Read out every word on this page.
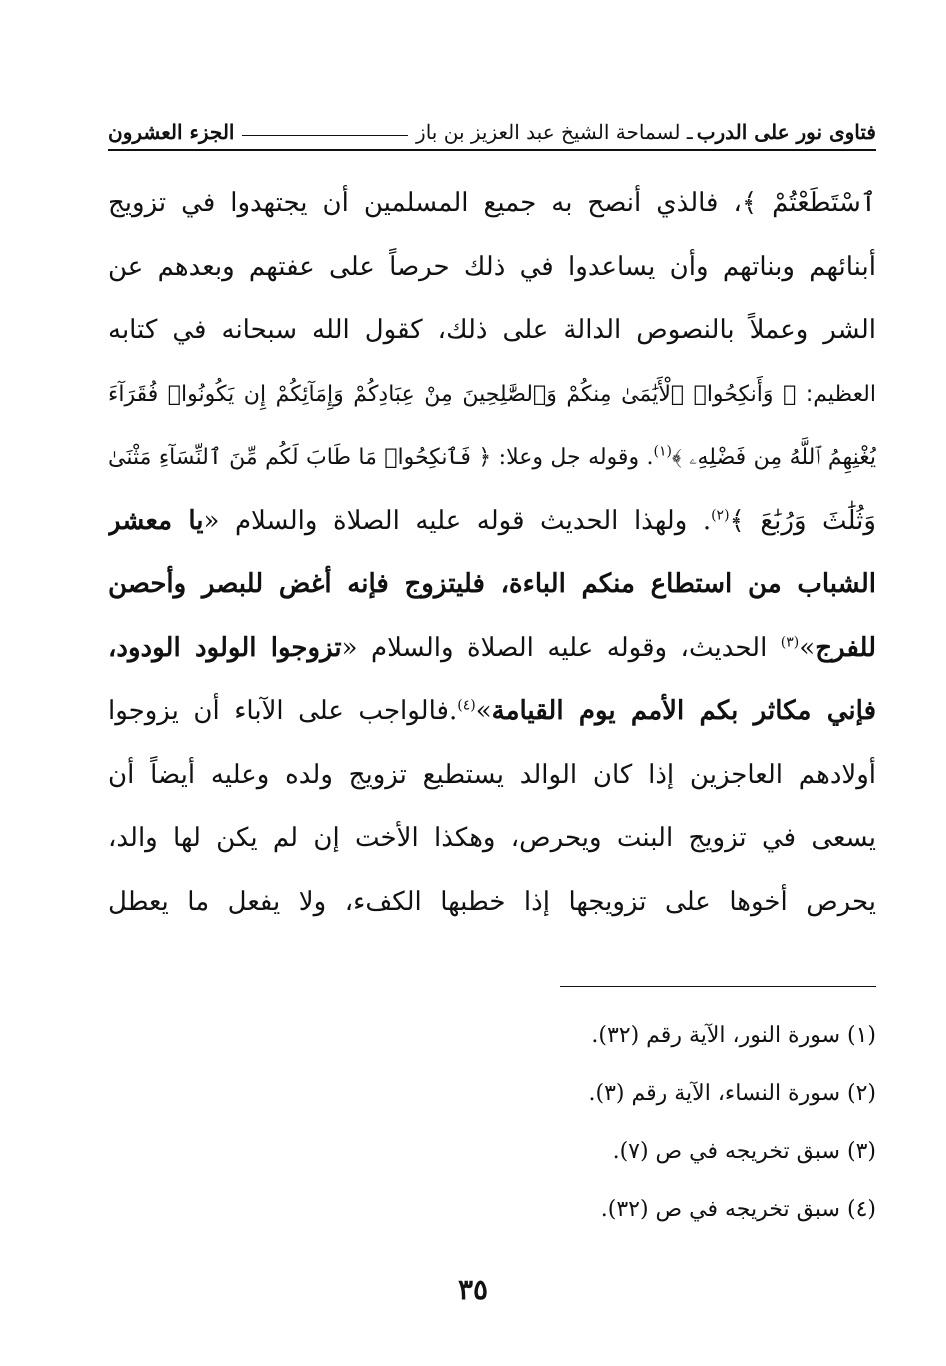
فتاوى نور على الدرب
ـ لسماحة الشيخ عبد العزيز بن باز
الجزء العشرون
ٱسْتَطَعْتُمْ ﴾، فالذي أنصح به جميع المسلمين أن يجتهدوا في تزويج
أبنائهم وبناتهم وأن يساعدوا في ذلك حرصاً على عفتهم وبعدهم عن
الشر وعملاً بالنصوص الدالة على ذلك، كقول الله سبحانه في كتابه
العظيم: ﴿ وَأَنكِحُوا۟ ٱلْأَيَٰمَىٰ مِنكُمْ وَٱلصَّٰلِحِينَ مِنْ عِبَادِكُمْ وَإِمَآئِكُمْ إِن يَكُونُوا۟ فُقَرَآءَ
يُغْنِهِمُ ٱللَّهُ مِن فَضْلِهِۦ ﴾$^{(١)}$. وقوله جل وعلا: ﴿ فَٱنكِحُوا۟ مَا طَابَ لَكُم مِّنَ ٱلنِّسَآءِ مَثْنَىٰ
وَثُلَٰثَ وَرُبَٰعَ ﴾$^{(٢)}$. ولهذا الحديث قوله عليه الصلاة والسلام «يا معشر
الشباب من استطاع منكم الباءة، فليتزوج فإنه أغض للبصر وأحصن
للفرج»$^{(٣)}$ الحديث، وقوله عليه الصلاة والسلام «تزوجوا الولود الودود،
فإني مكاثر بكم الأمم يوم القيامة»$^{(٤)}$.فالواجب على الآباء أن يزوجوا
أولادهم العاجزين إذا كان الوالد يستطيع تزويج ولده وعليه أيضاً أن
يسعى في تزويج البنت ويحرص، وهكذا الأخت إن لم يكن لها والد،
يحرص أخوها على تزويجها إذا خطبها الكفء، ولا يفعل ما يعطل
(١) سورة النور، الآية رقم (٣٢).
(٢) سورة النساء، الآية رقم (٣).
(٣) سبق تخريجه في ص (٧).
(٤) سبق تخريجه في ص (٣٢).
٣٥
